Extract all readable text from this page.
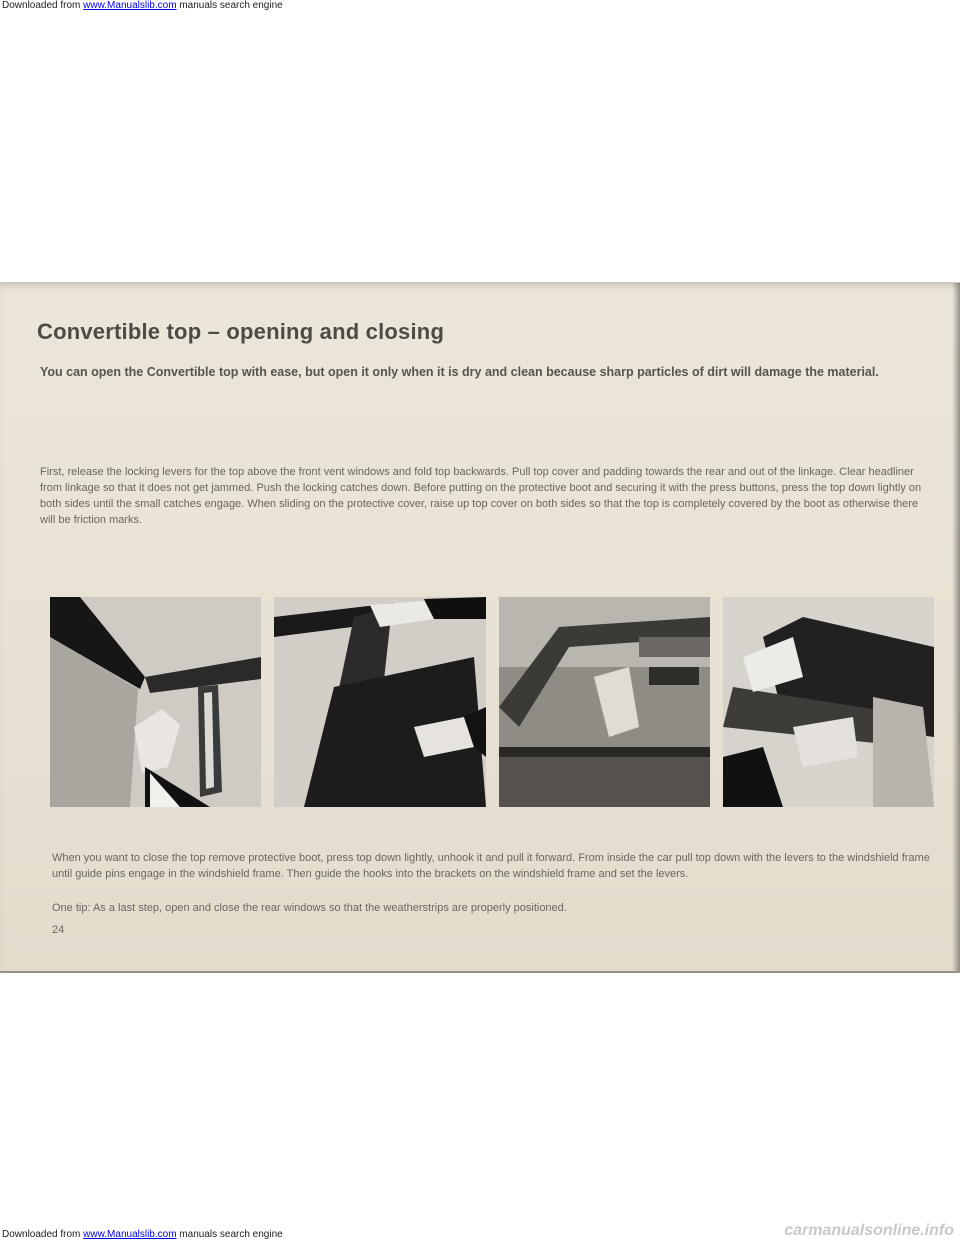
Downloaded from www.Manualslib.com manuals search engine

Convertible top – opening and closing

You can open the Convertible top with ease, but open it only when it is dry and clean because sharp particles of dirt will damage the material.

First, release the locking levers for the top above the front vent windows and fold top backwards. Pull top cover and padding towards the rear and out of the linkage. Clear headliner from linkage so that it does not get jammed. Push the locking catches down. Before putting on the protective boot and securing it with the press buttons, press the top down lightly on both sides until the small catches engage. When sliding on the protective cover, raise up top cover on both sides so that the top is completely covered by the boot as otherwise there will be friction marks.

When you want to close the top remove protective boot, press top down lightly, unhook it and pull it forward. From inside the car pull top down with the levers to the windshield frame until guide pins engage in the windshield frame. Then guide the hooks into the brackets on the windshield frame and set the levers.

One tip: As a last step, open and close the rear windows so that the weatherstrips are properly positioned.

24

Downloaded from www.Manualslib.com manuals search engine	carmanualsonline.info
